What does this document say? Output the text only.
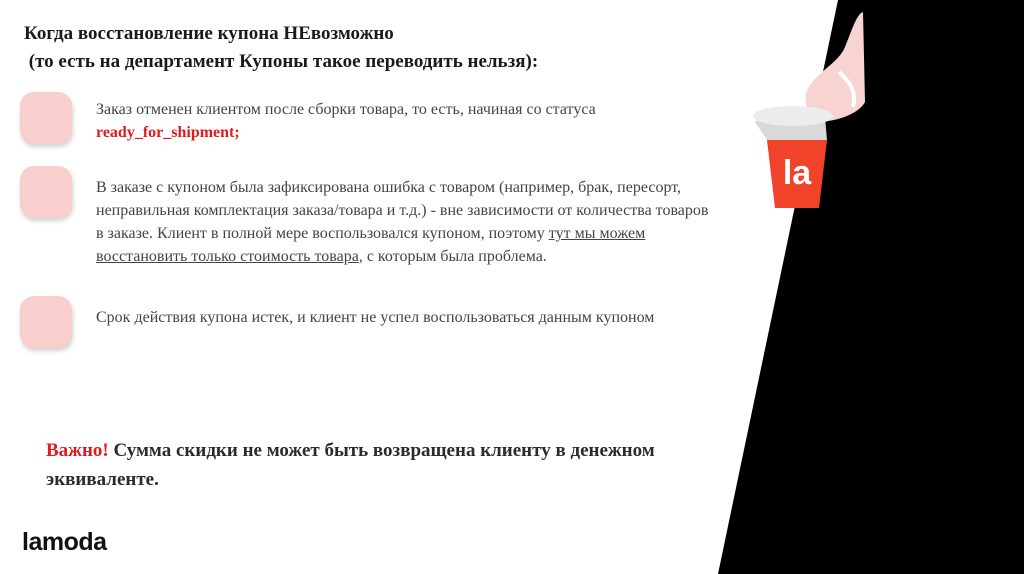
la
Когда восстановление купона НЕвозможно
(то есть на департамент Купоны такое переводить нельзя):
Заказ отменен клиентом после сборки товара, то есть, начиная со статуса ready_for_shipment;
В заказе с купоном была зафиксирована ошибка с товаром (например, брак, пересорт, неправильная комплектация заказа/товара и т.д.) - вне зависимости от количества товаров в заказе. Клиент в полной мере воспользовался купоном, поэтому тут мы можем восстановить только стоимость товара, с которым была проблема.
Срок действия купона истек, и клиент не успел воспользоваться данным купоном
Важно! Сумма скидки не может быть возвращена клиенту в денежном эквиваленте.
lamoda
